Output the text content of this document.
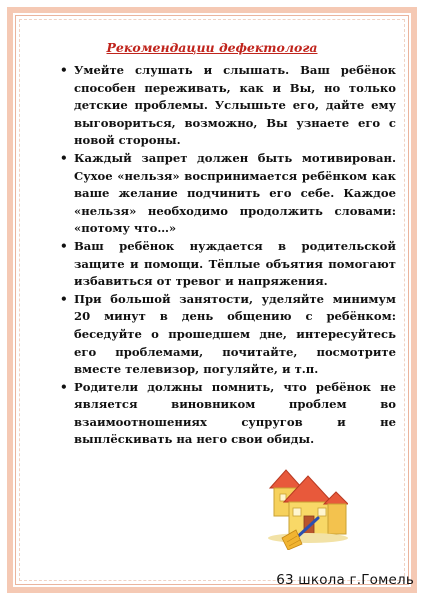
Рекомендации дефектолога
• Умейте слушать и слышать. Ваш ребёнок способен переживать, как и Вы, но только детские проблемы. Услышьте его, дайте ему выговориться, возможно, Вы узнаете его с новой стороны.
• Каждый запрет должен быть мотивирован. Сухое «нельзя» воспринимается ребёнком как ваше желание подчинить его себе. Каждое «нельзя» необходимо продолжить словами: «потому что…»
• Ваш ребёнок нуждается в родительской защите и помощи. Тёплые объятия помогают избавиться от тревог и напряжения.
• При большой занятости, уделяйте минимум 20 минут в день общению с ребёнком: беседуйте о прошедшем дне, интересуйтесь его проблемами, почитайте, посмотрите вместе телевизор, погуляйте, и т.п.
• Родители должны помнить, что ребёнок не является виновником проблем во взаимоотношениях супругов и не выплёскивать на него свои обиды.
63 школа г.Гомель
